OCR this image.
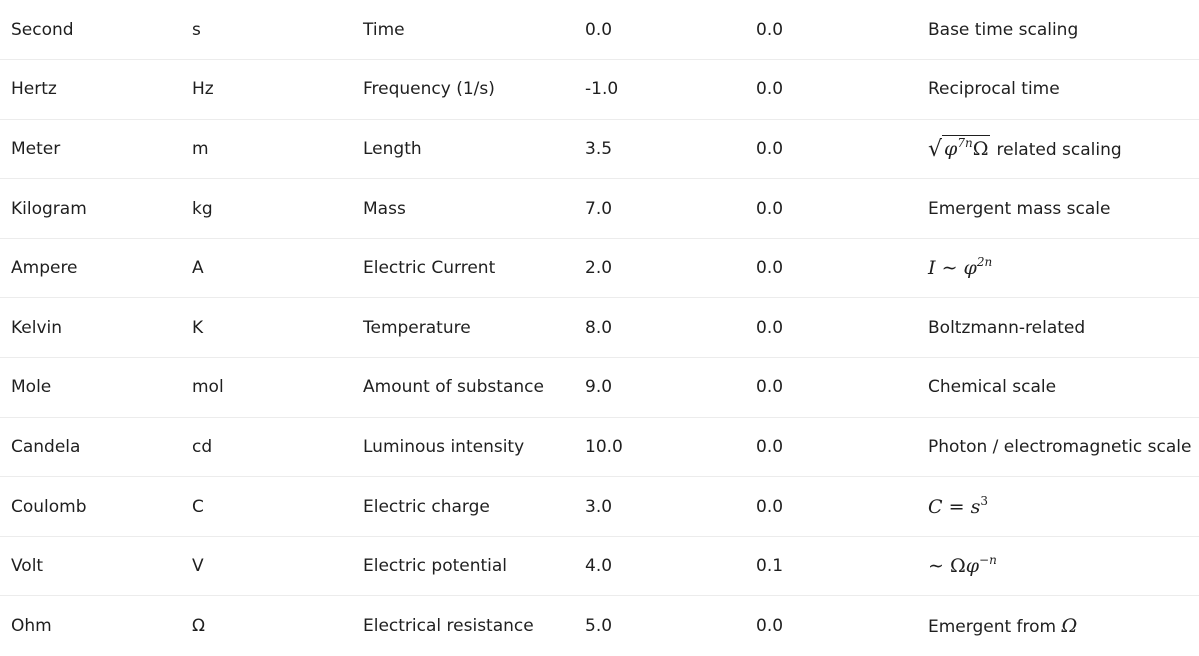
Second	s	Time	0.0	0.0	Base time scaling
Hertz	Hz	Frequency (1/s)	-1.0	0.0	Reciprocal time
Meter	m	Length	3.5	0.0	√ $\varphi^{7n}\Omega$ related scaling
Kilogram	kg	Mass	7.0	0.0	Emergent mass scale
Ampere	A	Electric Current	2.0	0.0	I ∼ $\varphi^{2n}$
Kelvin	K	Temperature	8.0	0.0	Boltzmann-related
Mole	mol	Amount of substance	9.0	0.0	Chemical scale
Candela	cd	Luminous intensity	10.0	0.0	Photon / electromagnetic scale
Coulomb	C	Electric charge	3.0	0.0	$C = s^3$
Volt	V	Electric potential	4.0	0.1	∼ $\Omega\varphi^{-n}$
Ohm	Ω	Electrical resistance	5.0	0.0	Emergent from Ω
